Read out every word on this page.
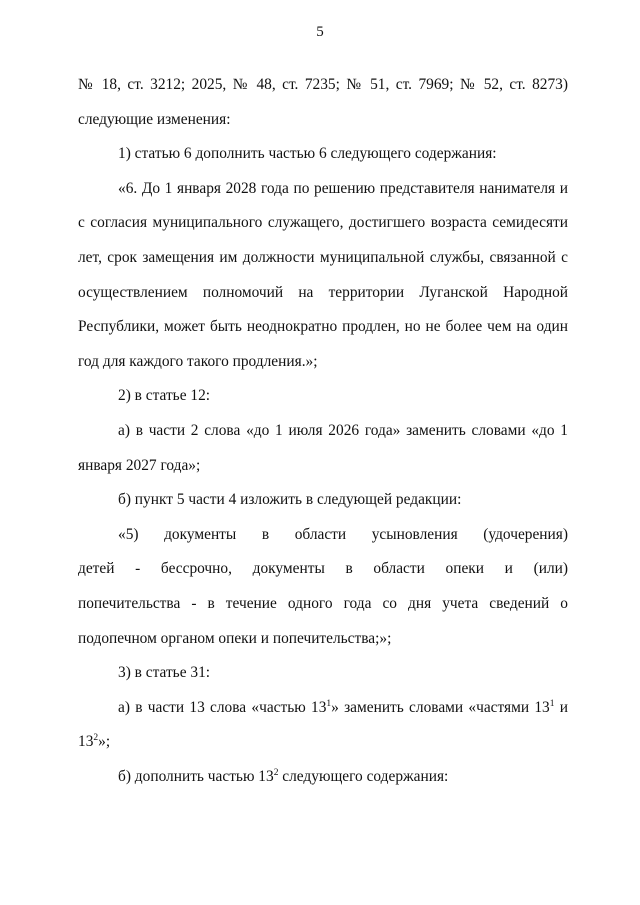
5

№ 18, ст. 3212; 2025, № 48, ст. 7235; № 51, ст. 7969; № 52, ст. 8273)

следующие изменения:

1) статью 6 дополнить частью 6 следующего содержания:

«6. До 1 января 2028 года по решению представителя нанимателя и с согласия муниципального служащего, достигшего возраста семидесяти лет, срок замещения им должности муниципальной службы, связанной с осуществлением полномочий на территории Луганской Народной Республики, может быть неоднократно продлен, но не более чем на один год для каждого такого продления.»;

2) в статье 12:

а) в части 2 слова «до 1 июля 2026 года» заменить словами «до 1 января 2027 года»;

б) пункт 5 части 4 изложить в следующей редакции:

«5) документы в области усыновления (удочерения)

детей - бессрочно, документы в области опеки и (или)

попечительства - в течение одного года со дня учета сведений о подопечном органом опеки и попечительства;»;

3) в статье 31:

а) в части 13 слова «частью $13^1$» заменить словами «частями $13^1$ и $13^2$»;

б) дополнить частью $13^2$ следующего содержания:
